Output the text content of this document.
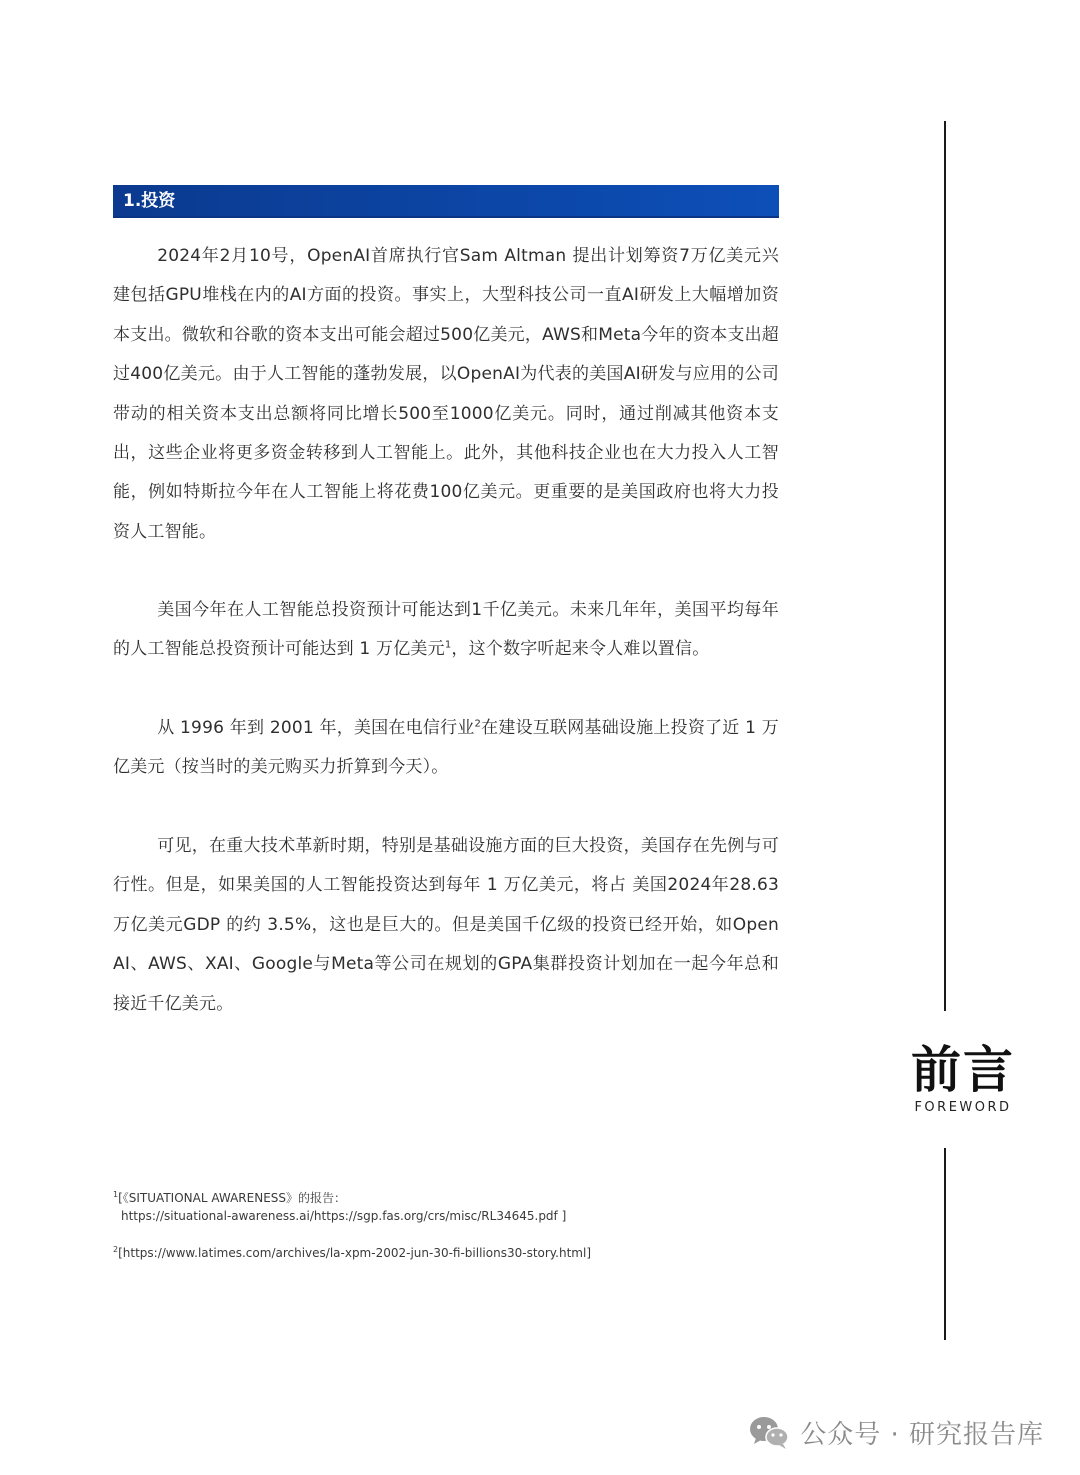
1.投资

2024年2月10号，OpenAI首席执行官Sam Altman 提出计划筹资7万亿美元兴建包括GPU堆栈在内的AI方面的投资。事实上，大型科技公司一直AI研发上大幅增加资本支出。微软和谷歌的资本支出可能会超过500亿美元，AWS和Meta今年的资本支出超过400亿美元。由于人工智能的蓬勃发展，以OpenAI为代表的美国AI研发与应用的公司带动的相关资本支出总额将同比增长500至1000亿美元。同时，通过削减其他资本支出，这些企业将更多资金转移到人工智能上。此外，其他科技企业也在大力投入人工智能，例如特斯拉今年在人工智能上将花费100亿美元。更重要的是美国政府也将大力投资人工智能。

美国今年在人工智能总投资预计可能达到1千亿美元。未来几年年，美国平均每年的人工智能总投资预计可能达到 1 万亿美元$^1$，这个数字听起来令人难以置信。

从 1996 年到 2001 年，美国在电信行业$^2$在建设互联网基础设施上投资了近 1 万亿美元（按当时的美元购买力折算到今天）。

可见，在重大技术革新时期，特别是基础设施方面的巨大投资，美国存在先例与可行性。但是，如果美国的人工智能投资达到每年 1 万亿美元，将占 美国2024年28.63万亿美元GDP 的约 3.5%，这也是巨大的。但是美国千亿级的投资已经开始，如Open AI、AWS、XAI、Google与Meta等公司在规划的GPA集群投资计划加在一起今年总和接近千亿美元。

前言
FOREWORD
$^1$[《SITUATIONAL AWARENESS》的报告：
https://situational-awareness.ai/https://sgp.fas.org/crs/misc/RL34645.pdf ]
$^2$[https://www.latimes.com/archives/la-xpm-2002-jun-30-fi-billions30-story.html]
公众号 · 研究报告库
